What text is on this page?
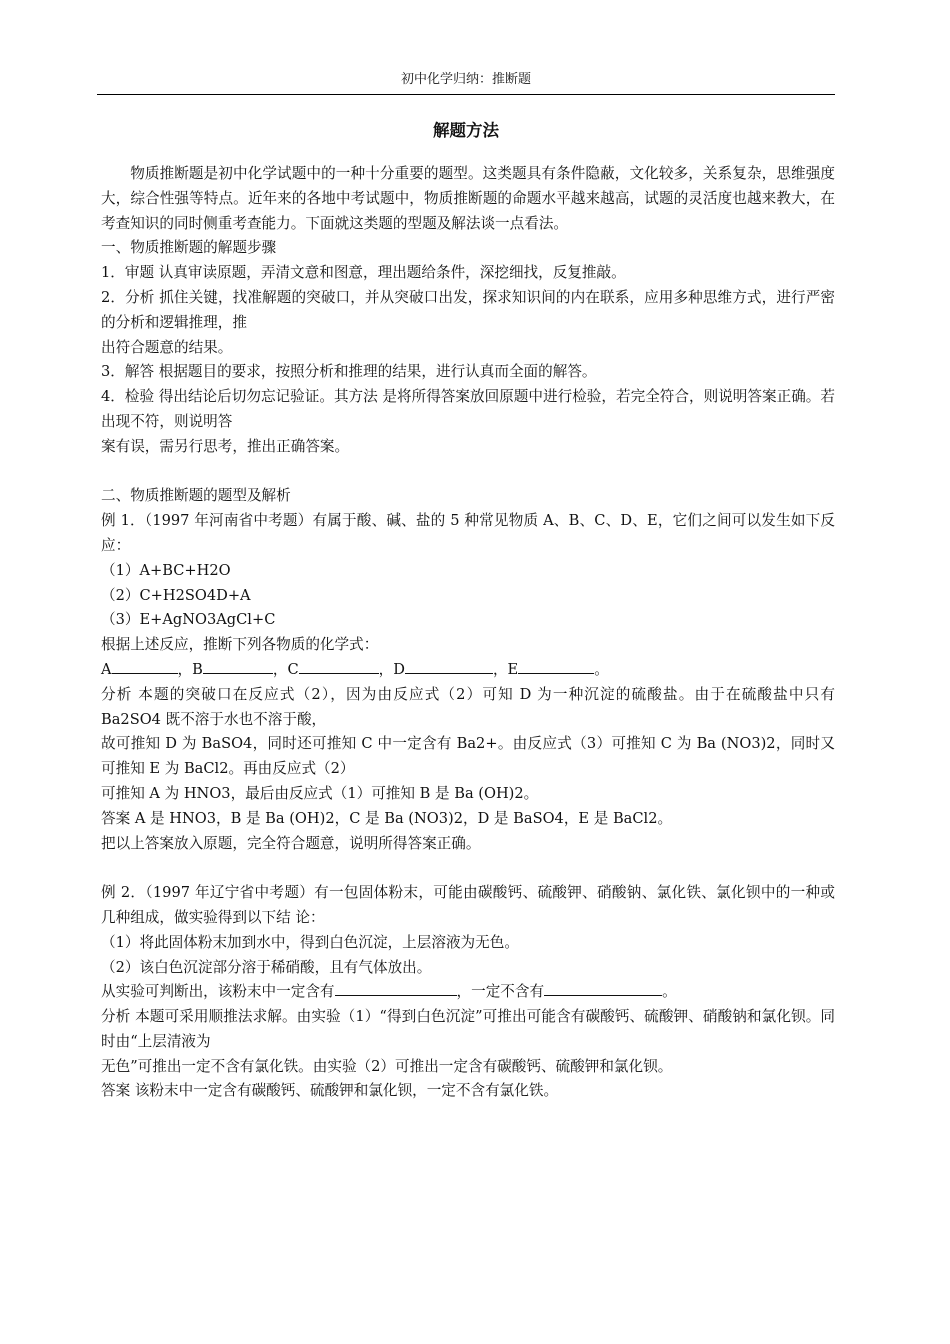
初中化学归纳：推断题
解题方法

物质推断题是初中化学试题中的一种十分重要的题型。这类题具有条件隐蔽，文化较多，关系复杂，思维强度大，综合性强等特点。近年来的各地中考试题中，物质推断题的命题水平越来越高，试题的灵活度也越来教大，在考查知识的同时侧重考查能力。下面就这类题的型题及解法谈一点看法。

一、物质推断题的解题步骤

1．审题 认真审读原题，弄清文意和图意，理出题给条件，深挖细找，反复推敲。

2．分析 抓住关键，找准解题的突破口，并从突破口出发，探求知识间的内在联系，应用多种思维方式，进行严密的分析和逻辑推理，推

出符合题意的结果。

3．解答 根据题目的要求，按照分析和推理的结果，进行认真而全面的解答。

4．检验 得出结论后切勿忘记验证。其方法 是将所得答案放回原题中进行检验，若完全符合，则说明答案正确。若出现不符，则说明答

案有误，需另行思考，推出正确答案。

二、物质推断题的题型及解析

例 1．（1997 年河南省中考题）有属于酸、碱、盐的 5 种常见物质 A、B、C、D、E，它们之间可以发生如下反应：

（1）A+BC+H2O

（2）C+H2SO4D+A

（3）E+AgNO3AgCl+C

根据上述反应，推断下列各物质的化学式：

A	，B	，C	，D	，E	。

分析 本题的突破口在反应式（2），因为由反应式（2）可知 D 为一种沉淀的硫酸盐。由于在硫酸盐中只有 Ba2SO4 既不溶于水也不溶于酸，

故可推知 D 为 BaSO4，同时还可推知 C 中一定含有 Ba2+。由反应式（3）可推知 C 为 Ba (NO3)2，同时又可推知 E 为 BaCl2。再由反应式（2）

可推知 A 为 HNO3，最后由反应式（1）可推知 B 是 Ba (OH)2。

答案 A 是 HNO3，B 是 Ba (OH)2，C 是 Ba (NO3)2，D 是 BaSO4，E 是 BaCl2。

把以上答案放入原题，完全符合题意，说明所得答案正确。

例 2．（1997 年辽宁省中考题）有一包固体粉末，可能由碳酸钙、硫酸钾、硝酸钠、氯化铁、氯化钡中的一种或几种组成，做实验得到以下结 论：

（1）将此固体粉末加到水中，得到白色沉淀，上层溶液为无色。

（2）该白色沉淀部分溶于稀硝酸，且有气体放出。

从实验可判断出，该粉末中一定含有	，一定不含有	。

分析 本题可采用顺推法求解。由实验（1）“得到白色沉淀”可推出可能含有碳酸钙、硫酸钾、硝酸钠和氯化钡。同时由“上层清液为

无色”可推出一定不含有氯化铁。由实验（2）可推出一定含有碳酸钙、硫酸钾和氯化钡。

答案 该粉末中一定含有碳酸钙、硫酸钾和氯化钡，一定不含有氯化铁。
